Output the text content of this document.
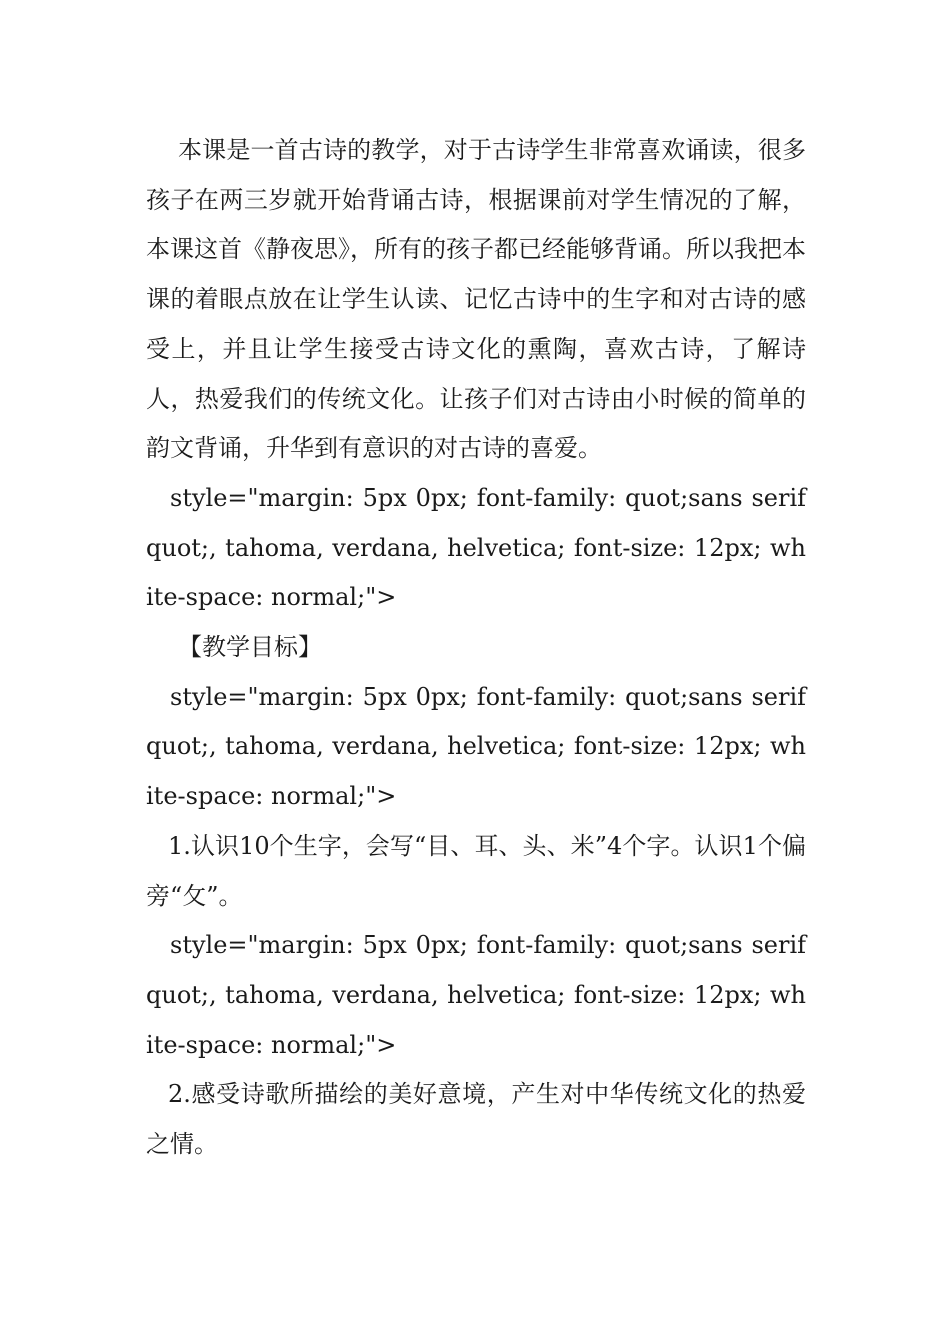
本课是一首古诗的教学，对于古诗学生非常喜欢诵读，很多孩子在两三岁就开始背诵古诗，根据课前对学生情况的了解，本课这首《静夜思》，所有的孩子都已经能够背诵。所以我把本课的着眼点放在让学生认读、记忆古诗中的生字和对古诗的感受上，并且让学生接受古诗文化的熏陶，喜欢古诗，了解诗人，热爱我们的传统文化。让孩子们对古诗由小时候的简单的韵文背诵，升华到有意识的对古诗的喜爱。

style="margin: 5px 0px; font-family: quot;sans serifquot;, tahoma, verdana, helvetica; font-size: 12px; white-space: normal;">

【教学目标】

style="margin: 5px 0px; font-family: quot;sans serifquot;, tahoma, verdana, helvetica; font-size: 12px; white-space: normal;">

1.认识10个生字，会写“目、耳、头、米”4个字。认识1个偏旁“攵”。

style="margin: 5px 0px; font-family: quot;sans serifquot;, tahoma, verdana, helvetica; font-size: 12px; white-space: normal;">

2.感受诗歌所描绘的美好意境，产生对中华传统文化的热爱之情。
